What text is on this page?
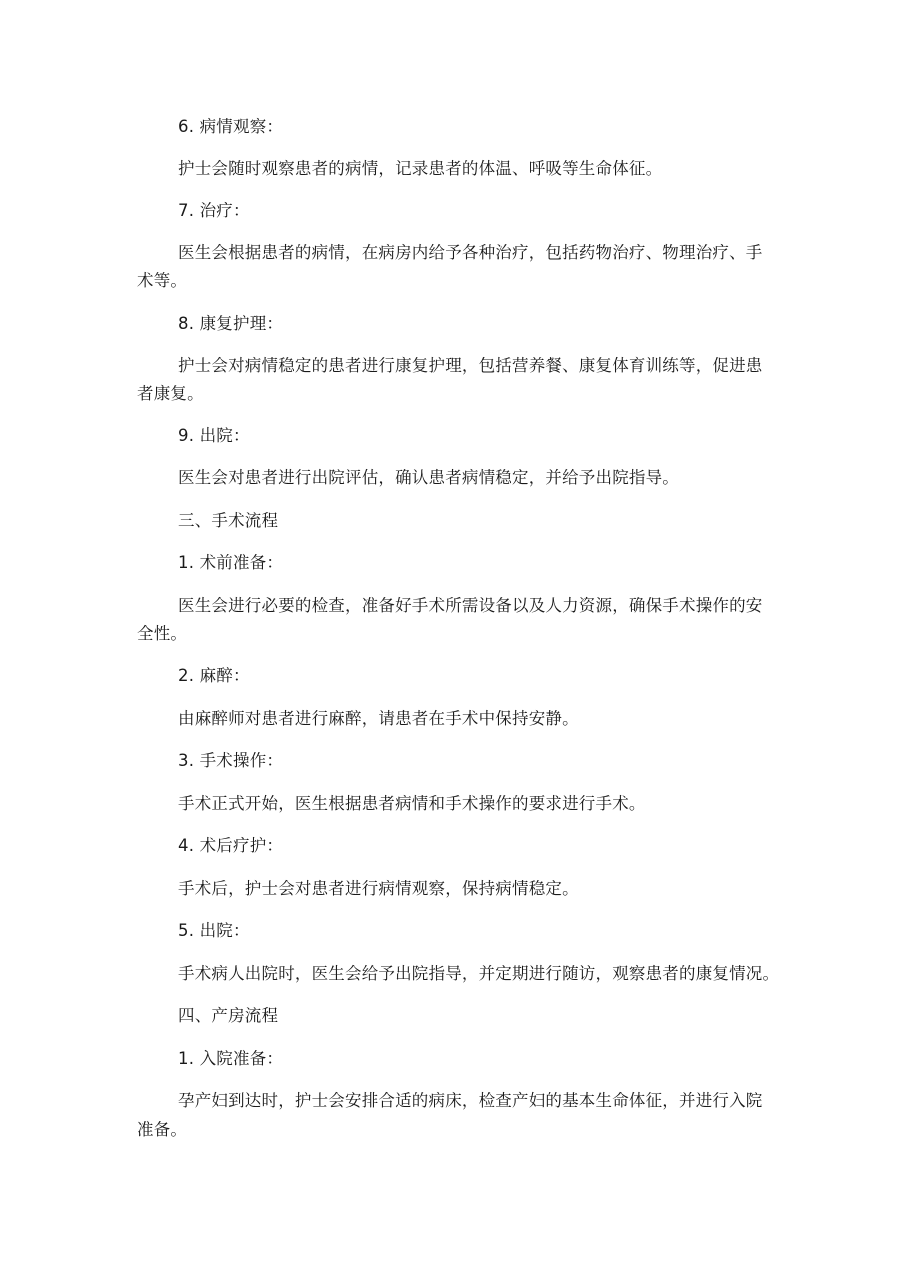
6. 病情观察：
护士会随时观察患者的病情，记录患者的体温、呼吸等生命体征。
7. 治疗：
医生会根据患者的病情，在病房内给予各种治疗，包括药物治疗、物理治疗、手
术等。
8. 康复护理：
护士会对病情稳定的患者进行康复护理，包括营养餐、康复体育训练等，促进患
者康复。
9. 出院：
医生会对患者进行出院评估，确认患者病情稳定，并给予出院指导。
三、手术流程
1. 术前准备：
医生会进行必要的检查，准备好手术所需设备以及人力资源，确保手术操作的安
全性。
2. 麻醉：
由麻醉师对患者进行麻醉，请患者在手术中保持安静。
3. 手术操作：
手术正式开始，医生根据患者病情和手术操作的要求进行手术。
4. 术后疗护：
手术后，护士会对患者进行病情观察，保持病情稳定。
5. 出院：
手术病人出院时，医生会给予出院指导，并定期进行随访，观察患者的康复情况。
四、产房流程
1. 入院准备：
孕产妇到达时，护士会安排合适的病床，检查产妇的基本生命体征，并进行入院
准备。
